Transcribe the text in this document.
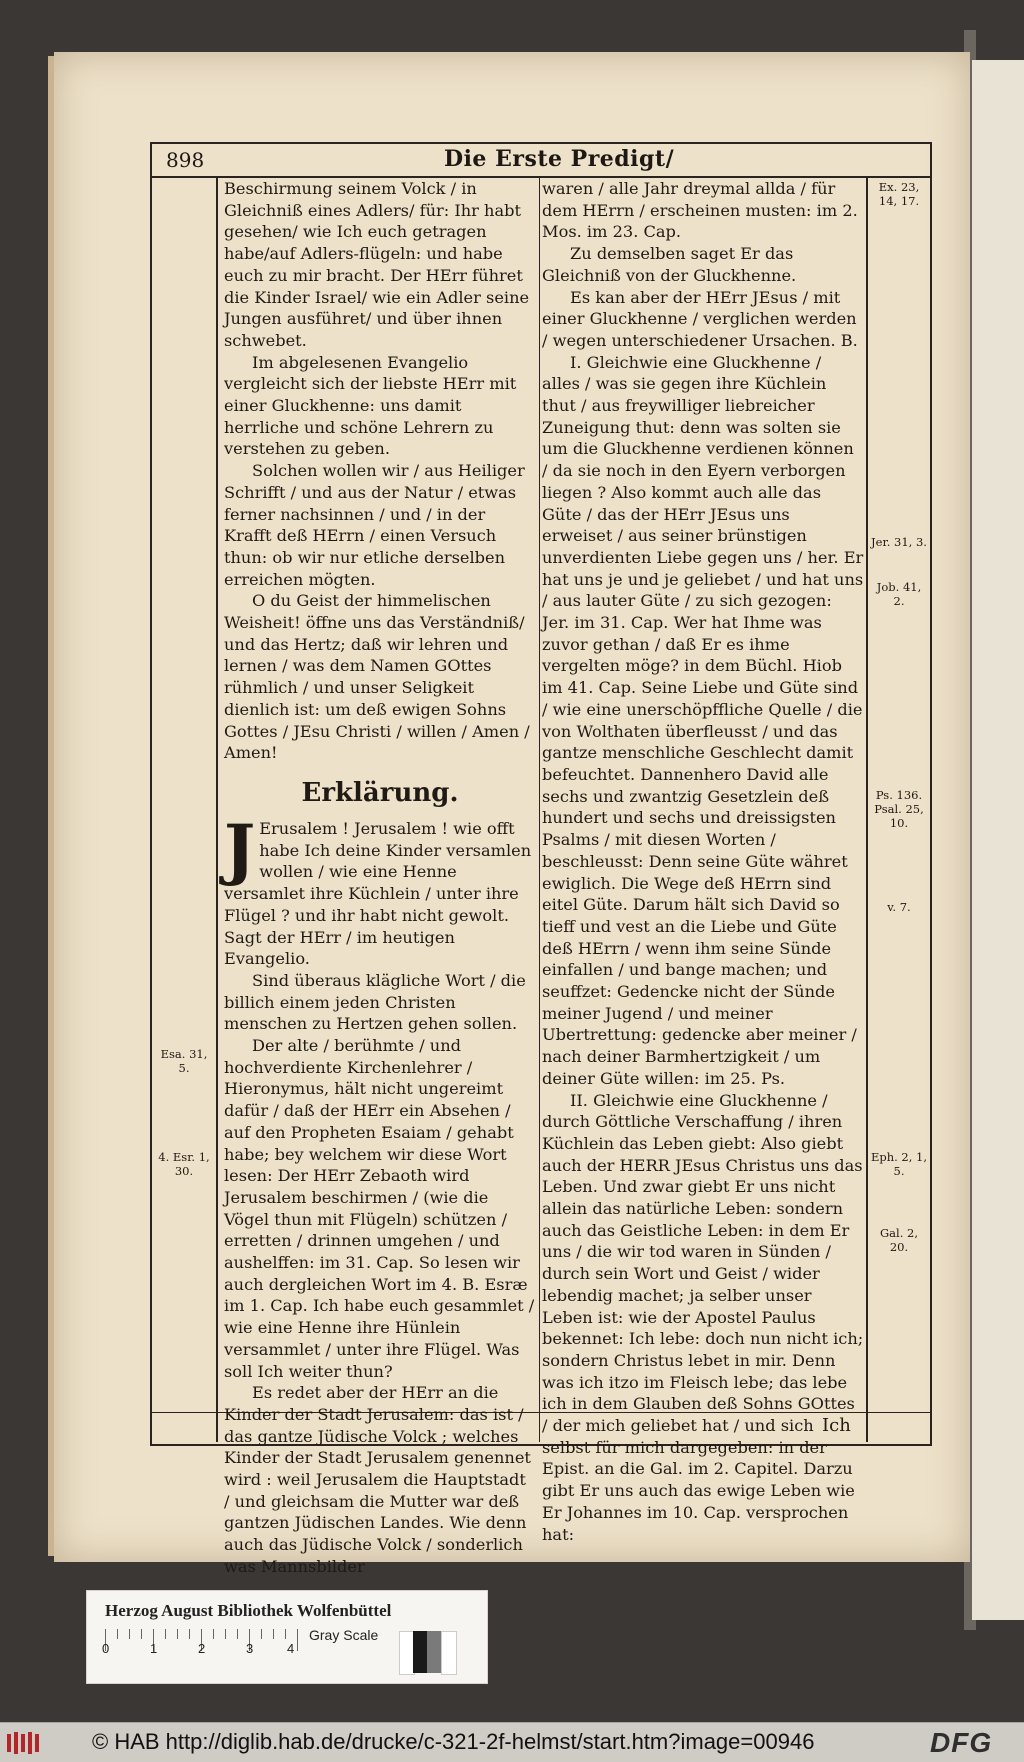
898	Die Erste Predigt/

Beschirmung seinem Volck / in Gleichniß eines Adlers/ für: Ihr habt gesehen/ wie Ich euch getragen habe/auf Adlers-flügeln: und habe euch zu mir bracht. Der HErr führet die Kinder Israel/ wie ein Adler seine Jungen ausführet/ und über ihnen schwebet.

Im abgelesenen Evangelio vergleicht sich der liebste HErr mit einer Gluckhenne: uns damit herrliche und schöne Lehrern zu verstehen zu geben.

Solchen wollen wir / aus Heiliger Schrifft / und aus der Natur / etwas ferner nachsinnen / und / in der Krafft deß HErrn / einen Versuch thun: ob wir nur etliche derselben erreichen mögten.

O du Geist der himmelischen Weisheit! öffne uns das Verständniß/ und das Hertz; daß wir lehren und lernen / was dem Namen GOttes rühmlich / und unser Seligkeit dienlich ist: um deß ewigen Sohns Gottes / JEsu Christi / willen / Amen / Amen!

Erklärung.

J Erusalem ! Jerusalem ! wie offt habe Ich deine Kinder versamlen wollen / wie eine Henne versamlet ihre Küchlein / unter ihre Flügel ? und ihr habt nicht gewolt. Sagt der HErr / im heutigen Evangelio.

Sind überaus klägliche Wort / die billich einem jeden Christen menschen zu Hertzen gehen sollen.

Der alte / berühmte / und hochverdiente Kirchenlehrer / Hieronymus, hält nicht ungereimt dafür / daß der HErr ein Absehen / auf den Propheten Esaiam / gehabt habe; bey welchem wir diese Wort lesen: Der HErr Zebaoth wird Jerusalem beschirmen / (wie die Vögel thun mit Flügeln) schützen / erretten / drinnen umgehen / und aushelffen: im 31. Cap. So lesen wir auch dergleichen Wort im 4. B. Esræ im 1. Cap. Ich habe euch gesammlet / wie eine Henne ihre Hünlein versammlet / unter ihre Flügel. Was soll Ich weiter thun?

Es redet aber der HErr an die Kinder der Stadt Jerusalem: das ist / das gantze Jüdische Volck ; welches Kinder der Stadt Jerusalem genennet wird : weil Jerusalem die Hauptstadt / und gleichsam die Mutter war deß gantzen Jüdischen Landes. Wie denn auch das Jüdische Volck / sonderlich was Mannsbilder

waren / alle Jahr dreymal allda / für dem HErrn / erscheinen musten: im 2. Mos. im 23. Cap.

Zu demselben saget Er das Gleichniß von der Gluckhenne.

Es kan aber der HErr JEsus / mit einer Gluckhenne / verglichen werden / wegen unterschiedener Ursachen. B.

I. Gleichwie eine Gluckhenne / alles / was sie gegen ihre Küchlein thut / aus freywilliger liebreicher Zuneigung thut: denn was solten sie um die Gluckhenne verdienen können / da sie noch in den Eyern verborgen liegen ? Also kommt auch alle das Güte / das der HErr JEsus uns erweiset / aus seiner brünstigen unverdienten Liebe gegen uns / her. Er hat uns je und je geliebet / und hat uns / aus lauter Güte / zu sich gezogen: Jer. im 31. Cap. Wer hat Ihme was zuvor gethan / daß Er es ihme vergelten möge? in dem Büchl. Hiob im 41. Cap. Seine Liebe und Güte sind / wie eine unerschöpffliche Quelle / die von Wolthaten überfleusst / und das gantze menschliche Geschlecht damit befeuchtet. Dannenhero David alle sechs und zwantzig Gesetzlein deß hundert und sechs und dreissigsten Psalms / mit diesen Worten / beschleusst: Denn seine Güte währet ewiglich. Die Wege deß HErrn sind eitel Güte. Darum hält sich David so tieff und vest an die Liebe und Güte deß HErrn / wenn ihm seine Sünde einfallen / und bange machen; und seuffzet: Gedencke nicht der Sünde meiner Jugend / und meiner Ubertrettung: gedencke aber meiner / nach deiner Barmhertzigkeit / um deiner Güte willen: im 25. Ps.

II. Gleichwie eine Gluckhenne / durch Göttliche Verschaffung / ihren Küchlein das Leben giebt: Also giebt auch der HERR JEsus Christus uns das Leben. Und zwar giebt Er uns nicht allein das natürliche Leben: sondern auch das Geistliche Leben: in dem Er uns / die wir tod waren in Sünden / durch sein Wort und Geist / wider lebendig machet; ja selber unser Leben ist: wie der Apostel Paulus bekennet: Ich lebe: doch nun nicht ich; sondern Christus lebet in mir. Denn was ich itzo im Fleisch lebe; das lebe ich in dem Glauben deß Sohns GOttes / der mich geliebet hat / und sich selbst für mich dargegeben: in der Epist. an die Gal. im 2. Capitel. Darzu gibt Er uns auch das ewige Leben wie Er Johannes im 10. Cap. versprochen hat:

Esa. 31, 5.
4. Esr. 1, 30.
Ex. 23, 14, 17.
Jer. 31, 3.
Job. 41, 2.
Ps. 136. Psal. 25, 10.
v. 7.
Eph. 2, 1, 5.
Gal. 2, 20.
Ich
Herzog August Bibliothek Wolfenbüttel
0	1	2	3	4
Gray Scale
© HAB http://diglib.hab.de/drucke/c-321-2f-helmst/start.htm?image=00946	DFG
